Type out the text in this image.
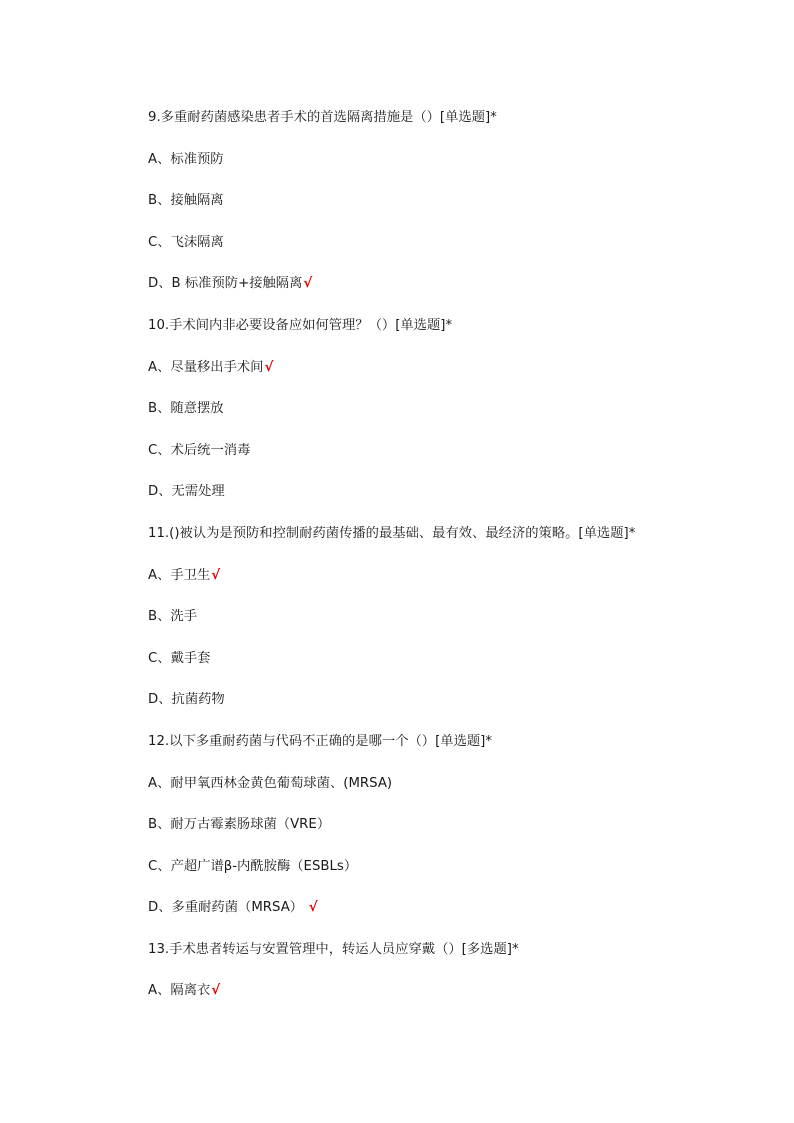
9.多重耐药菌感染患者手术的首选隔离措施是（）[单选题]*
A、标准预防
B、接触隔离
C、飞沫隔离
D、B 标准预防+接触隔离√
10.手术间内非必要设备应如何管理？（）[单选题]*
A、尽量移出手术间√
B、随意摆放
C、术后统一消毒
D、无需处理
11.()被认为是预防和控制耐药菌传播的最基础、最有效、最经济的策略。[单选题]*
A、手卫生√
B、洗手
C、戴手套
D、抗菌药物
12.以下多重耐药菌与代码不正确的是哪一个（）[单选题]*
A、耐甲氧西林金黄色葡萄球菌、(MRSA)
B、耐万古霉素肠球菌（VRE）
C、产超广谱β-内酰胺酶（ESBLs）
D、多重耐药菌（MRSA） √
13.手术患者转运与安置管理中，转运人员应穿戴（）[多选题]*
A、隔离衣√
